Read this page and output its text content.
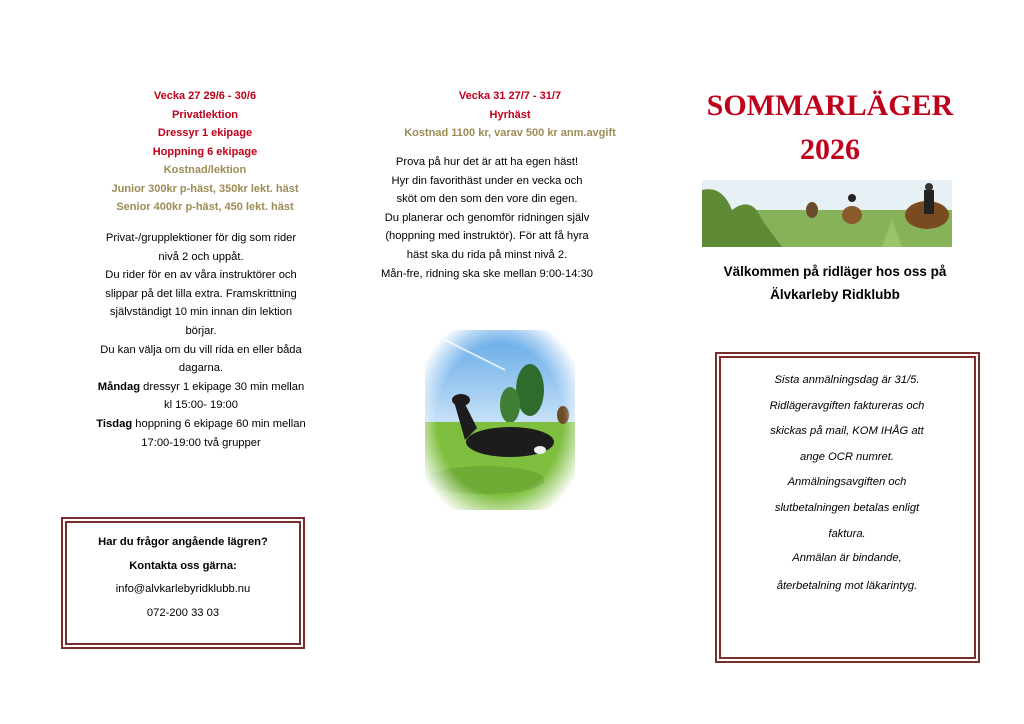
Vecka 27 29/6 - 30/6
Privatlektion
Dressyr 1 ekipage
Hoppning 6 ekipage
Kostnad/lektion
Junior 300kr p-häst, 350kr lekt. häst
Senior 400kr p-häst, 450 lekt. häst
Privat-/grupplektioner för dig som rider
nivå 2 och uppåt.
Du rider för en av våra instruktörer och
slippar på det lilla extra. Framskrittning
självständigt 10 min innan din lektion
börjar.
Du kan välja om du vill rida en eller båda
dagarna.
Måndag dressyr 1 ekipage 30 min mellan
kl 15:00- 19:00
Tisdag hoppning 6 ekipage 60 min mellan
17:00-19:00 två grupper
Har du frågor angående lägren?
Kontakta oss gärna:
info@alvkarlebyridklubb.nu
072-200 33 03
Vecka 31 27/7 - 31/7
Hyrhäst
Kostnad 1100 kr, varav 500 kr anm.avgift
Prova på hur det är att ha egen häst!
Hyr din favorithäst under en vecka och
sköt om den som den vore din egen.
Du planerar och genomför ridningen själv
(hoppning med instruktör). För att få hyra
häst ska du rida på minst nivå 2.
Mån-fre, ridning ska ske mellan 9:00-14:30
SOMMARLÄGER
2026
Välkommen på ridläger hos oss på
Älvkarleby Ridklubb
Sista anmälningsdag är 31/5.
Ridlägeravgiften faktureras och
skickas på mail, KOM IHÅG att
ange OCR numret.
Anmälningsavgiften och
slutbetalningen betalas enligt
faktura.
Anmälan är bindande,
återbetalning mot läkarintyg.
